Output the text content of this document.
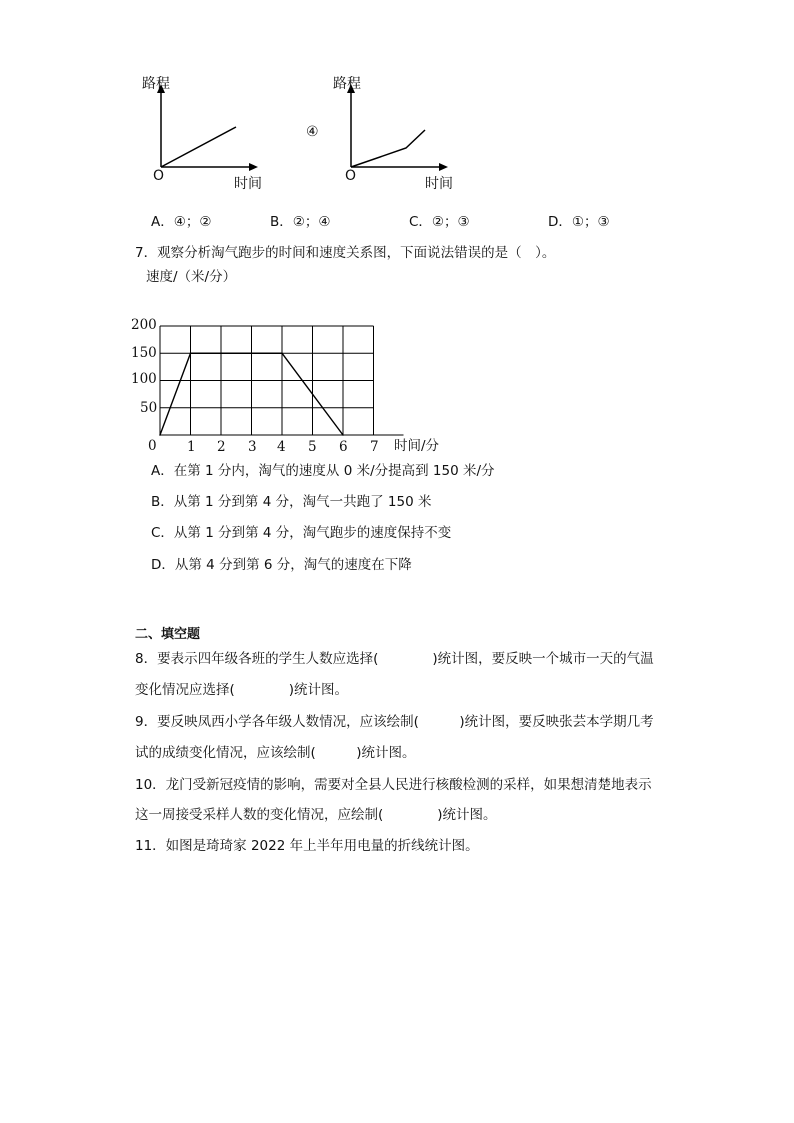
路程
O	时间
④
路程
O	时间
A．④；②	B．②；④	C．②；③	D．①；③
7．观察分析淘气跑步的时间和速度关系图，下面说法错误的是（　）。
速度/（米/分）
200
150
100
50
0 1 2 3 4 5 6 7 时间/分
A．在第 1 分内，淘气的速度从 0 米/分提高到 150 米/分
B．从第 1 分到第 4 分，淘气一共跑了 150 米
C．从第 1 分到第 4 分，淘气跑步的速度保持不变
D．从第 4 分到第 6 分，淘气的速度在下降
二、填空题
8．要表示四年级各班的学生人数应选择(　　　　)统计图，要反映一个城市一天的气温
变化情况应选择(　　　　)统计图。
9．要反映凤西小学各年级人数情况，应该绘制(　　　)统计图，要反映张芸本学期几考
试的成绩变化情况，应该绘制(　　　)统计图。
10．龙门受新冠疫情的影响，需要对全县人民进行核酸检测的采样，如果想清楚地表示
这一周接受采样人数的变化情况，应绘制(　　　　)统计图。
11．如图是琦琦家 2022 年上半年用电量的折线统计图。
